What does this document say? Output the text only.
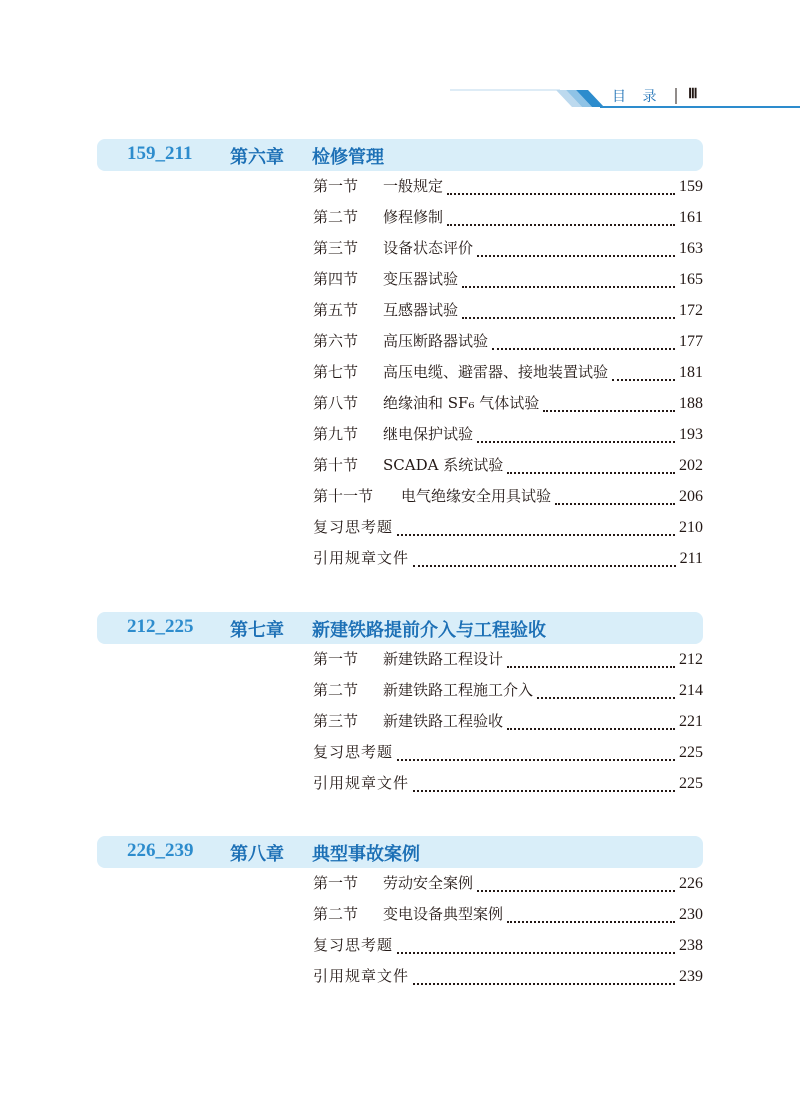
目 录 Ⅲ
159_211 第六章 检修管理
第一节	一般规定	159
第二节	修程修制	161
第三节	设备状态评价	163
第四节	变压器试验	165
第五节	互感器试验	172
第六节	高压断路器试验	177
第七节	高压电缆、避雷器、接地装置试验	181
第八节	绝缘油和 SF₆ 气体试验	188
第九节	继电保护试验	193
第十节	SCADA 系统试验	202
第十一节	电气绝缘安全用具试验	206
复习思考题	210
引用规章文件	211
212_225 第七章 新建铁路提前介入与工程验收
第一节	新建铁路工程设计	212
第二节	新建铁路工程施工介入	214
第三节	新建铁路工程验收	221
复习思考题	225
引用规章文件	225
226_239 第八章 典型事故案例
第一节	劳动安全案例	226
第二节	变电设备典型案例	230
复习思考题	238
引用规章文件	239
